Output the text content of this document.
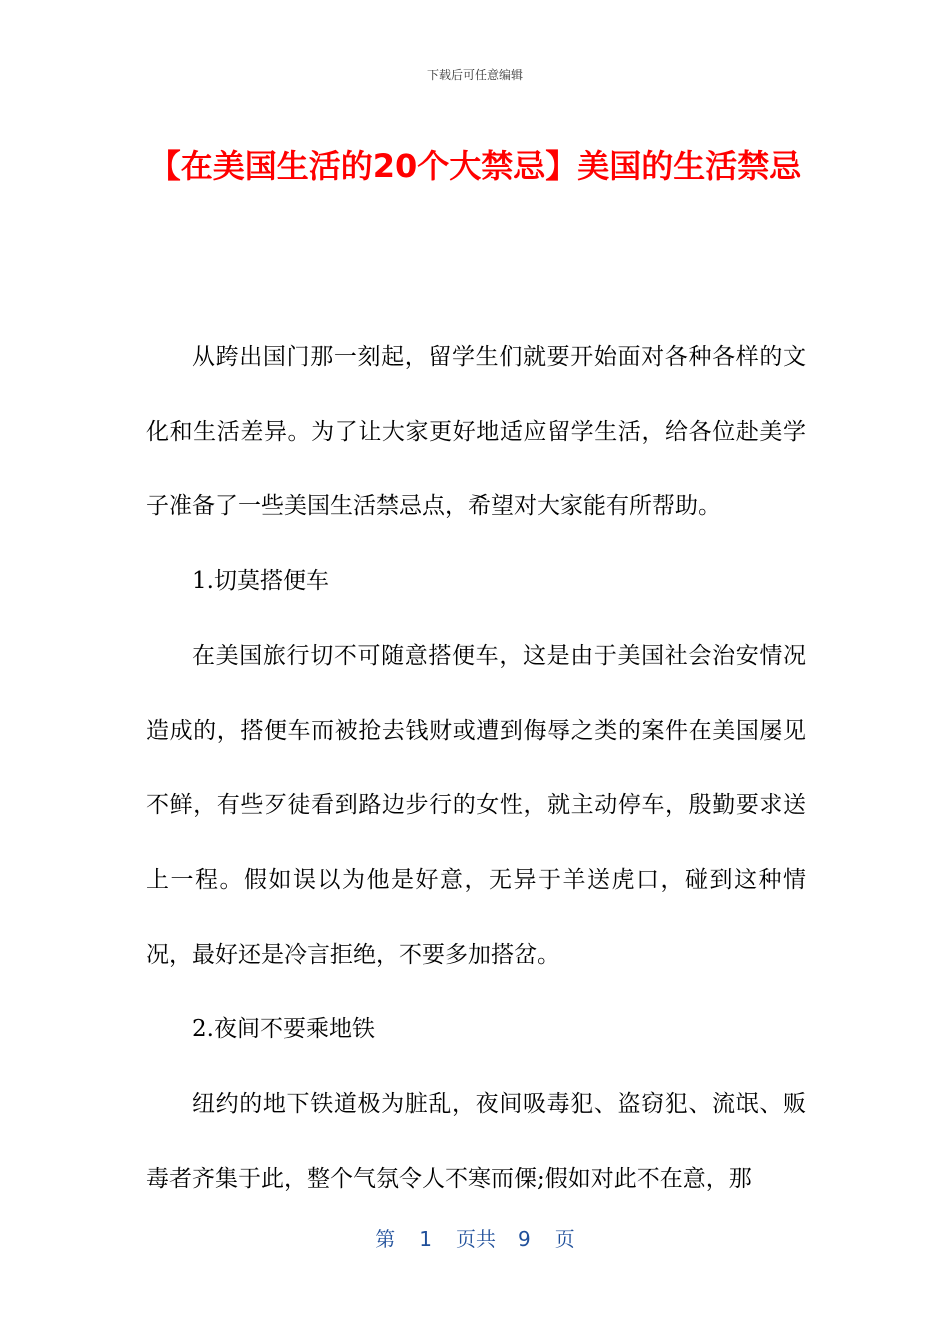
下载后可任意编辑
【在美国生活的20个大禁忌】美国的生活禁忌

从跨出国门那一刻起，留学生们就要开始面对各种各样的文化和生活差异。为了让大家更好地适应留学生活，给各位赴美学子准备了一些美国生活禁忌点，希望对大家能有所帮助。

1.切莫搭便车

在美国旅行切不可随意搭便车，这是由于美国社会治安情况造成的，搭便车而被抢去钱财或遭到侮辱之类的案件在美国屡见不鲜，有些歹徒看到路边步行的女性，就主动停车，殷勤要求送上一程。假如误以为他是好意，无异于羊送虎口，碰到这种情况，最好还是冷言拒绝，不要多加搭岔。

2.夜间不要乘地铁

纽约的地下铁道极为脏乱，夜间吸毒犯、盗窃犯、流氓、贩毒者齐集于此，整个气氛令人不寒而傈;假如对此不在意，那

第 1 页共 9 页
